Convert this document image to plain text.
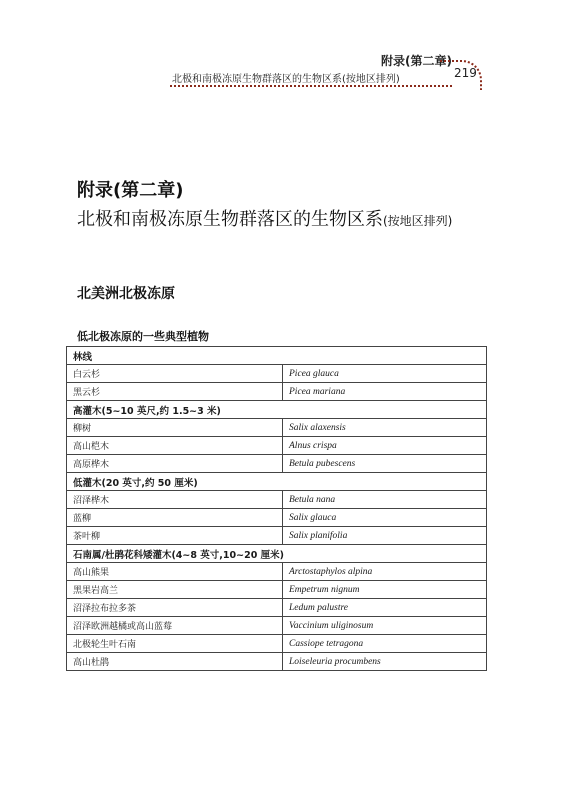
附录(第二章)
北极和南极冻原生物群落区的生物区系(按地区排列)	219
附录(第二章)
北极和南极冻原生物群落区的生物区系(按地区排列)
北美洲北极冻原
低北极冻原的一些典型植物
林线	
白云杉	Picea glauca
黑云杉	Picea mariana
高灌木(5~10 英尺,约 1.5~3 米)	
柳树	Salix alaxensis
高山桤木	Alnus crispa
高原桦木	Betula pubescens
低灌木(20 英寸,约 50 厘米)	
沼泽桦木	Betula nana
蓝柳	Salix glauca
茶叶柳	Salix planifolia
石南属/杜鹃花科矮灌木(4~8 英寸,10~20 厘米)	
高山熊果	Arctostaphylos alpina
黑果岩高兰	Empetrum nignum
沼泽拉布拉多茶	Ledum palustre
沼泽欧洲越橘或高山蓝莓	Vaccinium uliginosum
北极轮生叶石南	Cassiope tetragona
高山杜鹃	Loiseleuria procumbens
